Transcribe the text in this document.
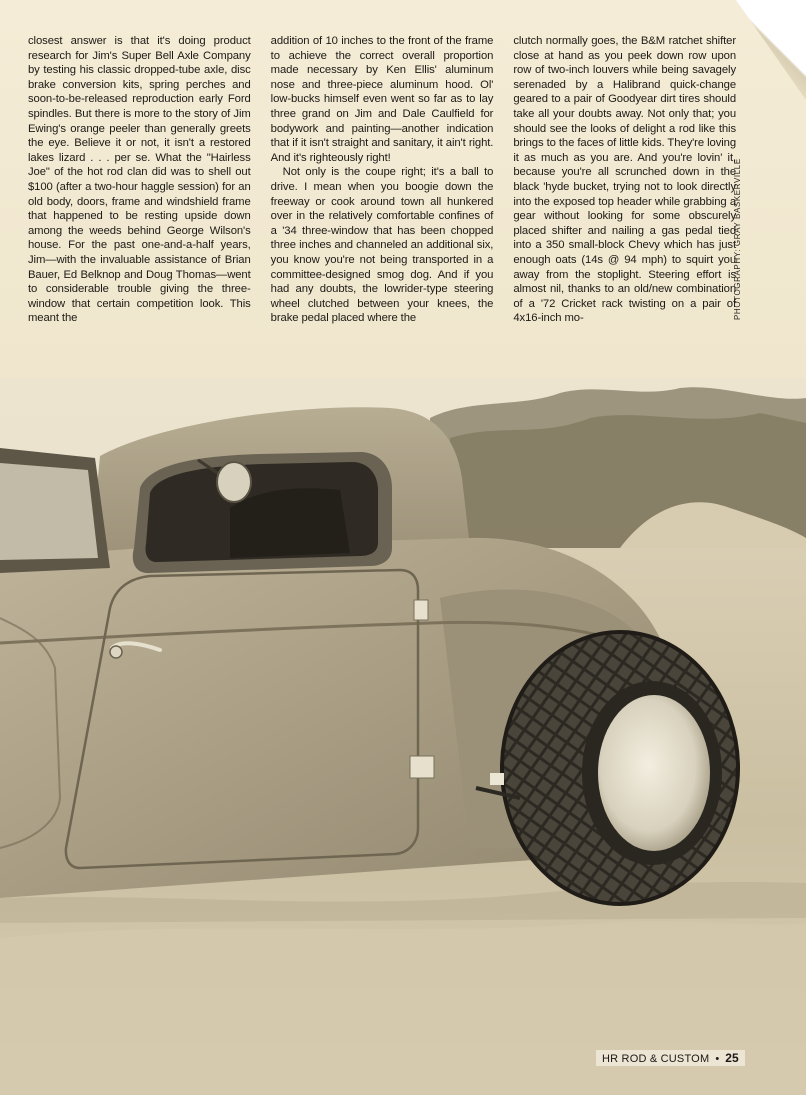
closest answer is that it's doing product research for Jim's Super Bell Axle Company by testing his classic dropped-tube axle, disc brake conversion kits, spring perches and soon-to-be-released reproduction early Ford spindles. But there is more to the story of Jim Ewing's orange peeler than generally greets the eye. Believe it or not, it isn't a restored lakes lizard . . . per se. What the "Hairless Joe" of the hot rod clan did was to shell out $100 (after a two-hour haggle session) for an old body, doors, frame and windshield frame that happened to be resting upside down among the weeds behind George Wilson's house. For the past one-and-a-half years, Jim—with the invaluable assistance of Brian Bauer, Ed Belknop and Doug Thomas—went to considerable trouble giving the three-window that certain competition look. This meant the

addition of 10 inches to the front of the frame to achieve the correct overall proportion made necessary by Ken Ellis' aluminum nose and three-piece aluminum hood. Ol' low-bucks himself even went so far as to lay three grand on Jim and Dale Caulfield for bodywork and painting—another indication that if it isn't straight and sanitary, it ain't right. And it's righteously right!

Not only is the coupe right; it's a ball to drive. I mean when you boogie down the freeway or cook around town all hunkered over in the relatively comfortable confines of a '34 three-window that has been chopped three inches and channeled an additional six, you know you're not being transported in a committee-designed smog dog. And if you had any doubts, the lowrider-type steering wheel clutched between your knees, the brake pedal placed where the

clutch normally goes, the B&M ratchet shifter close at hand as you peek down row upon row of two-inch louvers while being savagely serenaded by a Halibrand quick-change geared to a pair of Goodyear dirt tires should take all your doubts away. Not only that; you should see the looks of delight a rod like this brings to the faces of little kids. They're loving it as much as you are. And you're lovin' it, because you're all scrunched down in the black 'hyde bucket, trying not to look directly into the exposed top header while grabbing a gear without looking for some obscurely placed shifter and nailing a gas pedal tied into a 350 small-block Chevy which has just enough oats (14s @ 94 mph) to squirt you away from the stoplight. Steering effort is almost nil, thanks to an old/new combination of a '72 Cricket rack twisting on a pair of 4x16-inch mo-	PHOTOGRAPHY: GRAY BASKERVILLE
HR ROD & CUSTOM • 25
